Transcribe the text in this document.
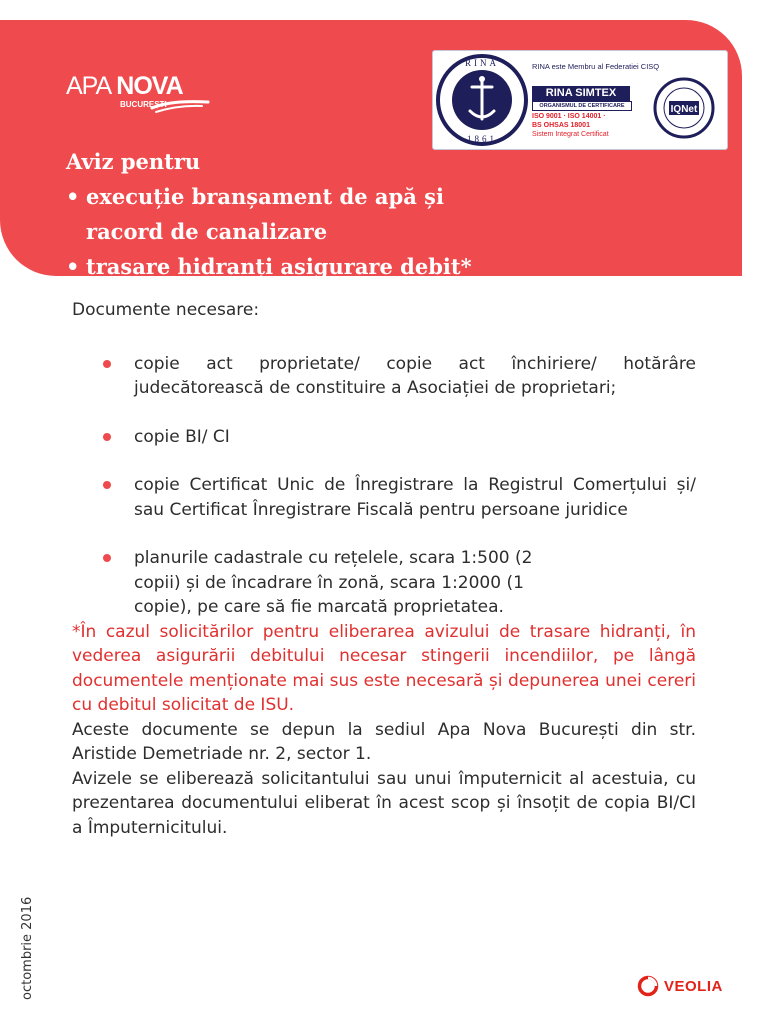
APA NOVA
BUCUREȘTI
RINA
1861
RINA este Membru al Federatiei CISQ
RINA SIMTEX
ORGANISMUL DE CERTIFICARE
ISO 9001 · ISO 14001 ·
BS OHSAS 18001
Sistem Integrat Certificat
IQNet
Aviz pentru
• execuție branșament de apă și
racord de canalizare
• trasare hidranți asigurare debit*

Documente necesare:

copie act proprietate/ copie act închiriere/ hotărâre judecătorească de constituire a Asociației de proprietari;
copie BI/ CI
copie Certificat Unic de Înregistrare la Registrul Comerțului și/ sau Certificat Înregistrare Fiscală pentru persoane juridice
planurile cadastrale cu rețelele, scara 1:500 (2 copii) și de încadrare în zonă, scara 1:2000 (1 copie), pe care să fie marcată proprietatea.

*În cazul solicitărilor pentru eliberarea avizului de trasare hidranți, în vederea asigurării debitului necesar stingerii incendiilor, pe lângă documentele menționate mai sus este necesară și depunerea unei cereri cu debitul solicitat de ISU.

Aceste documente se depun la sediul Apa Nova București din str. Aristide Demetriade nr. 2, sector 1.

Avizele se eliberează solicitantului sau unui împuternicit al acestuia, cu prezentarea documentului eliberat în acest scop și însoțit de copia BI/CI a Împuternicitului.

octombrie 2016	VEOLIA
